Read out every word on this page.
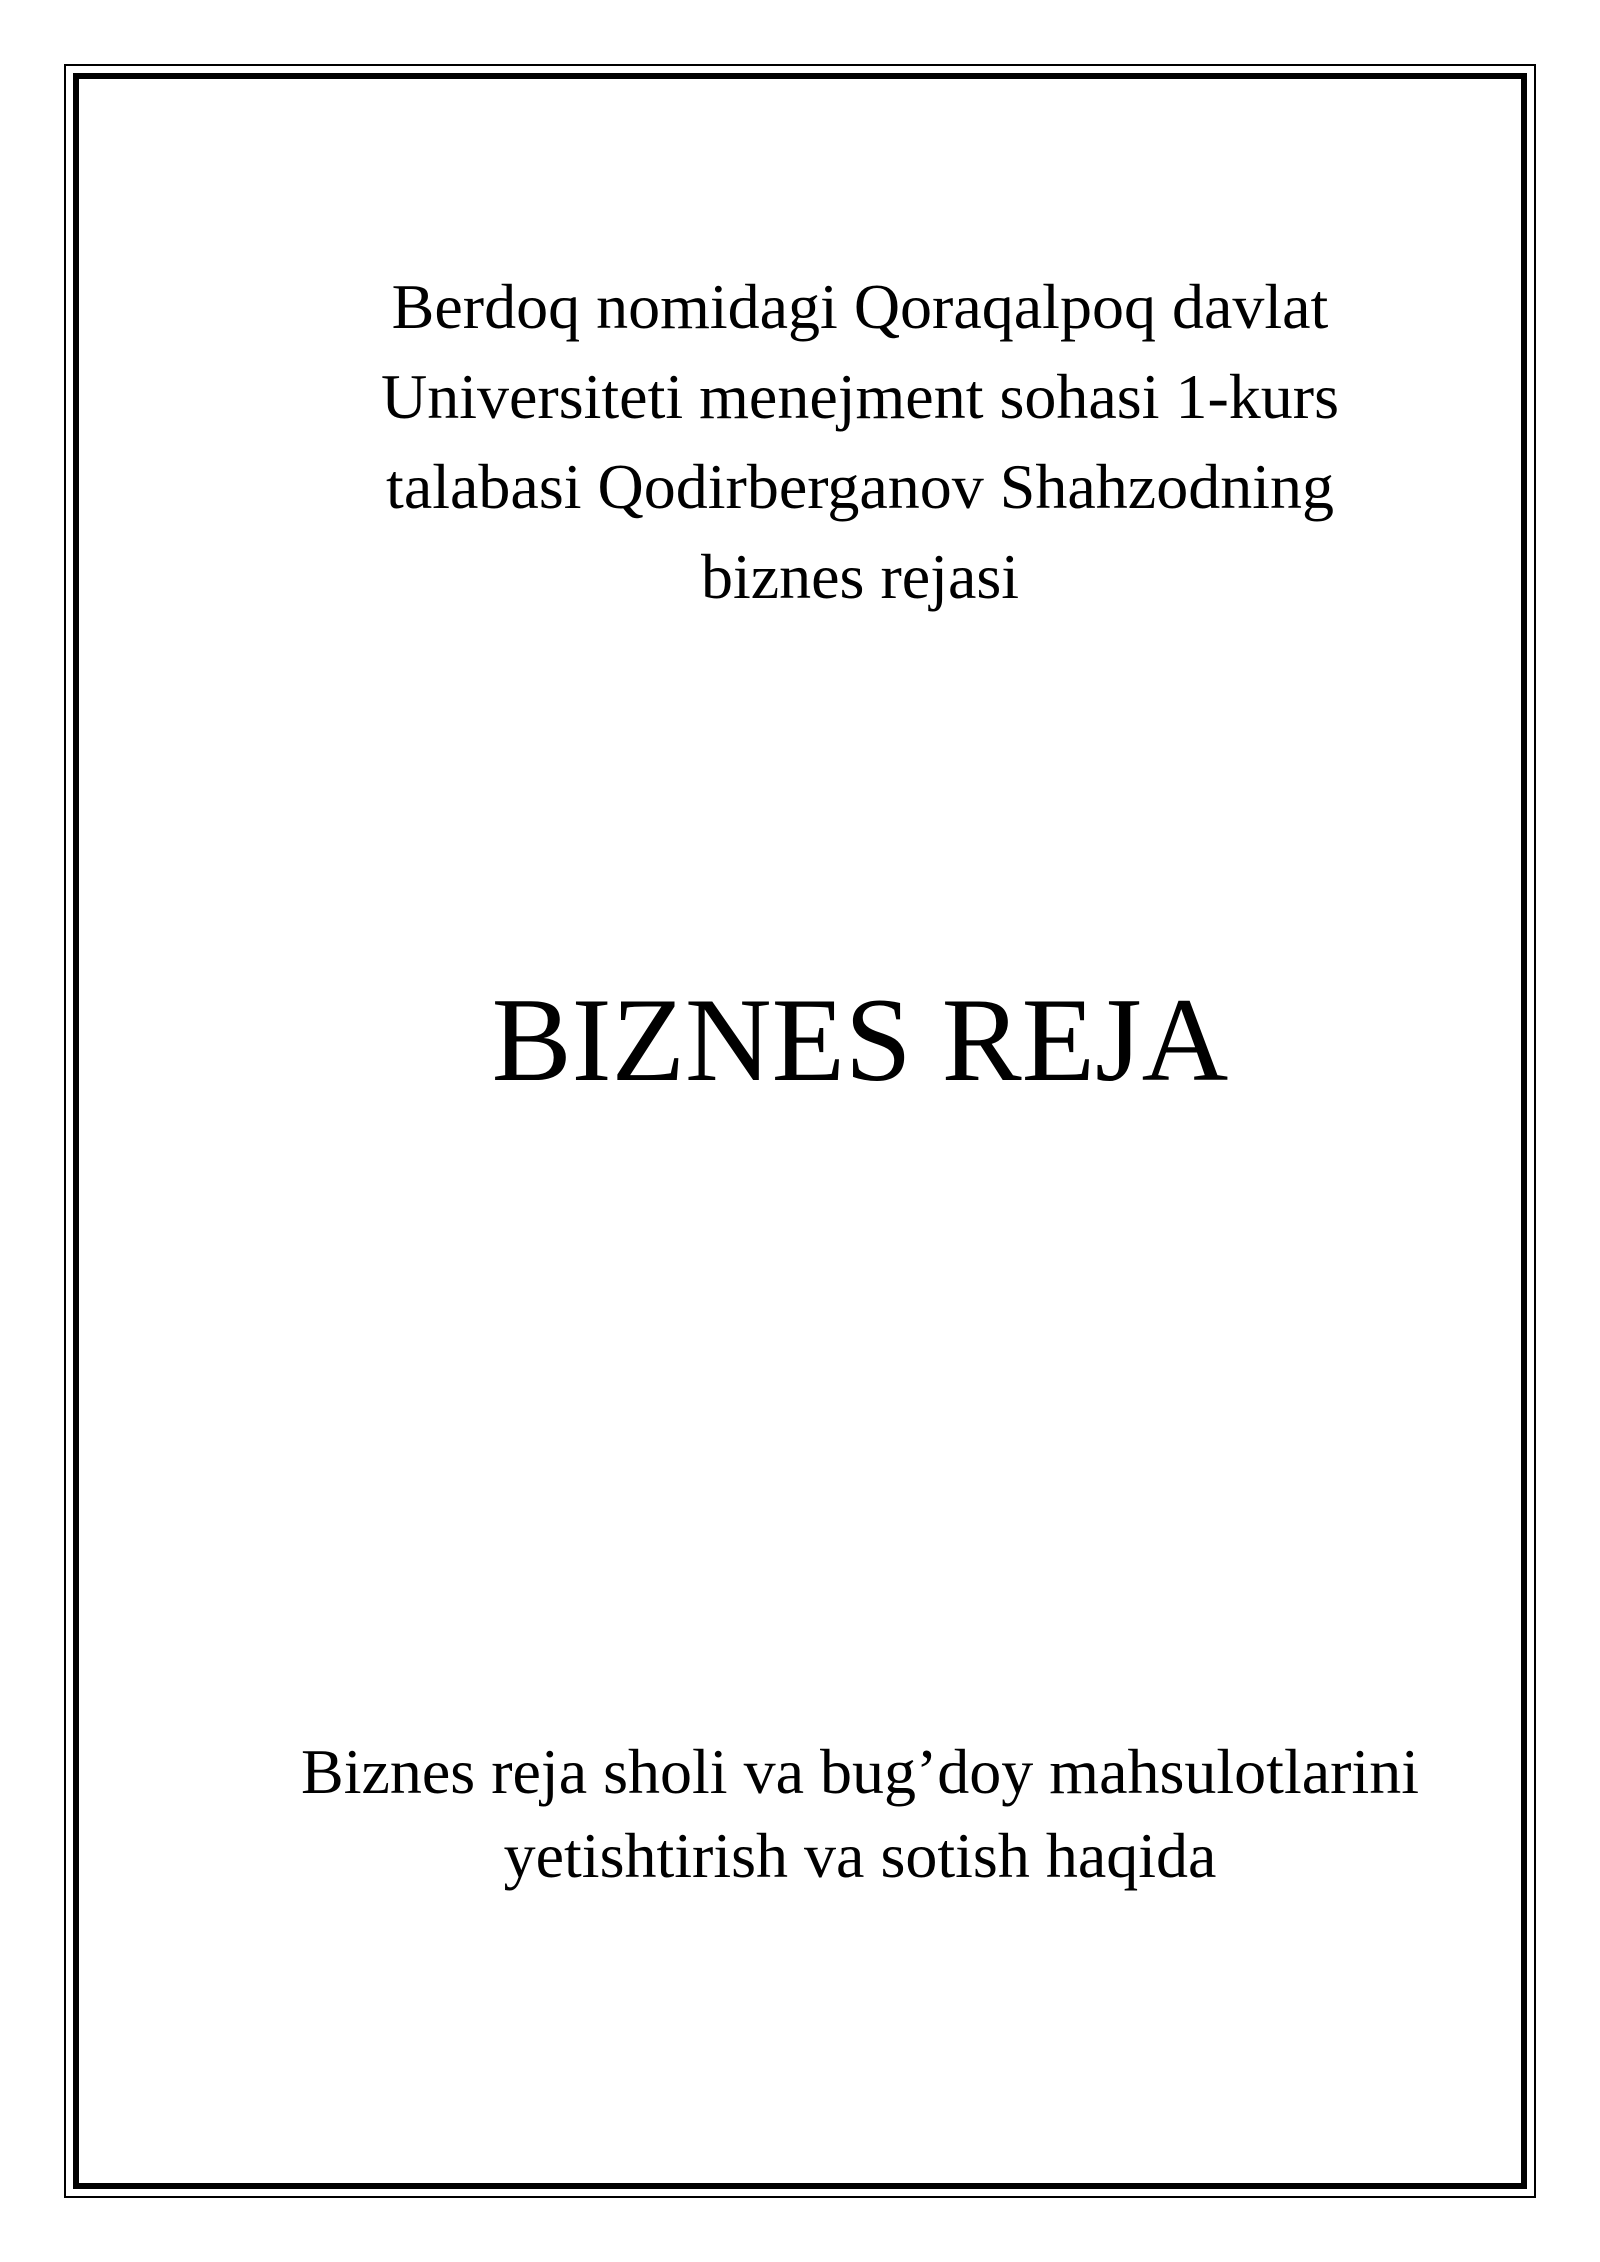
Berdoq nomidagi Qoraqalpoq davlat
Universiteti menejment sohasi 1-kurs
talabasi Qodirberganov Shahzodning
biznes rejasi
BIZNES REJA
Biznes reja sholi va bug’doy mahsulotlarini
yetishtirish va sotish haqida
